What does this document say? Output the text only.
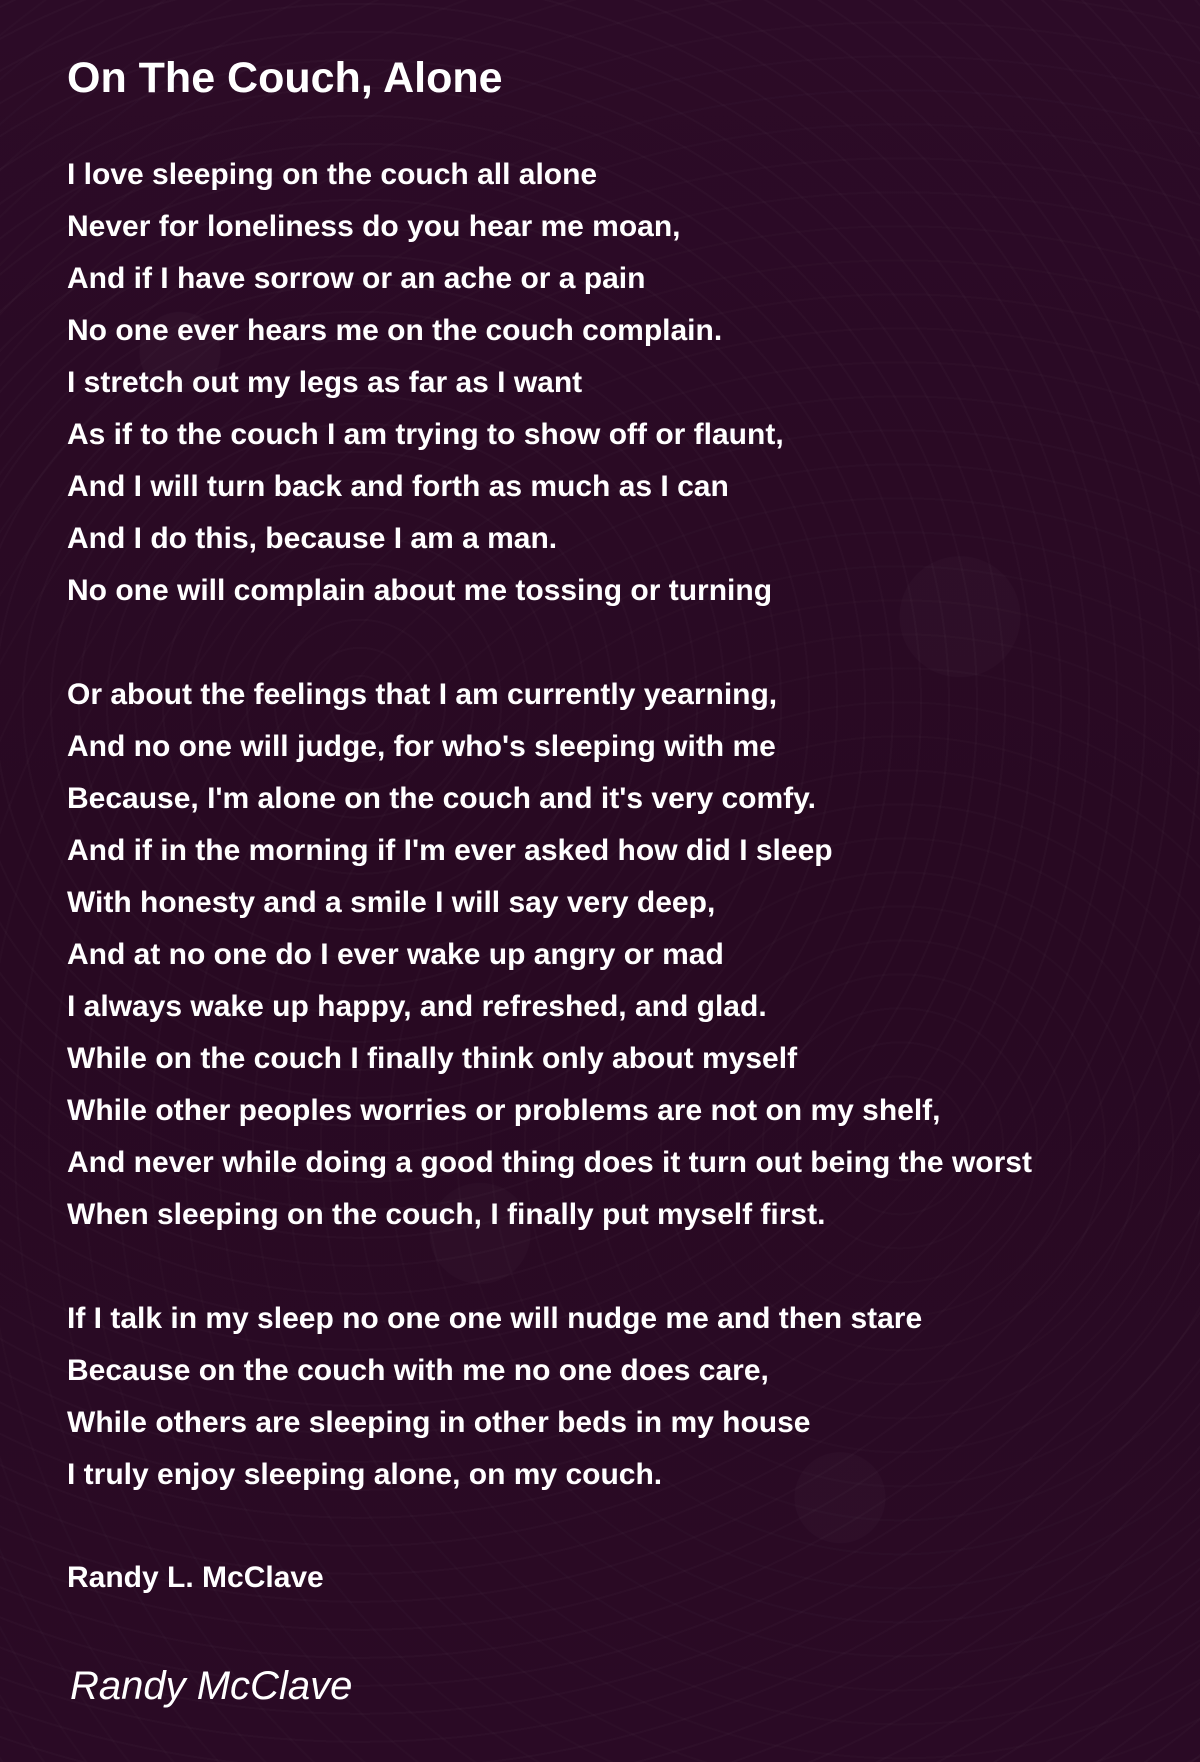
On The Couch, Alone
I love sleeping on the couch all alone
Never for loneliness do you hear me moan,
And if I have sorrow or an ache or a pain
No one ever hears me on the couch complain.
I stretch out my legs as far as I want
As if to the couch I am trying to show off or flaunt,
And I will turn back and forth as much as I can
And I do this, because I am a man.
No one will complain about me tossing or turning
Or about the feelings that I am currently yearning,
And no one will judge, for who's sleeping with me
Because, I'm alone on the couch and it's very comfy.
And if in the morning if I'm ever asked how did I sleep
With honesty and a smile I will say very deep,
And at no one do I ever wake up angry or mad
I always wake up happy, and refreshed, and glad.
While on the couch I finally think only about myself
While other peoples worries or problems are not on my shelf,
And never while doing a good thing does it turn out being the worst
When sleeping on the couch, I finally put myself first.
If I talk in my sleep no one one will nudge me and then stare
Because on the couch with me no one does care,
While others are sleeping in other beds in my house
I truly enjoy sleeping alone, on my couch.
Randy L. McClave
Randy McClave
